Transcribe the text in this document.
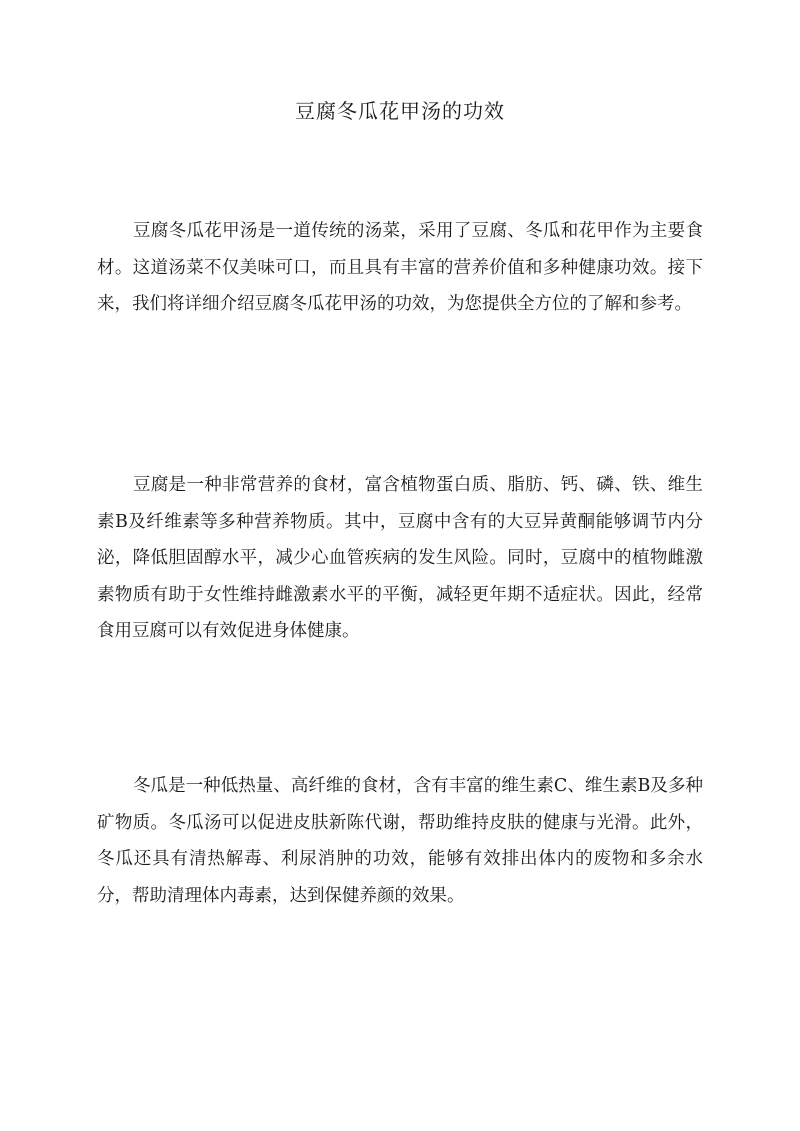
豆腐冬瓜花甲汤的功效

豆腐冬瓜花甲汤是一道传统的汤菜，采用了豆腐、冬瓜和花甲作为主要食材。这道汤菜不仅美味可口，而且具有丰富的营养价值和多种健康功效。接下来，我们将详细介绍豆腐冬瓜花甲汤的功效，为您提供全方位的了解和参考。

豆腐是一种非常营养的食材，富含植物蛋白质、脂肪、钙、磷、铁、维生素B及纤维素等多种营养物质。其中，豆腐中含有的大豆异黄酮能够调节内分泌，降低胆固醇水平，减少心血管疾病的发生风险。同时，豆腐中的植物雌激素物质有助于女性维持雌激素水平的平衡，减轻更年期不适症状。因此，经常食用豆腐可以有效促进身体健康。

冬瓜是一种低热量、高纤维的食材，含有丰富的维生素C、维生素B及多种矿物质。冬瓜汤可以促进皮肤新陈代谢，帮助维持皮肤的健康与光滑。此外，冬瓜还具有清热解毒、利尿消肿的功效，能够有效排出体内的废物和多余水分，帮助清理体内毒素，达到保健养颜的效果。
